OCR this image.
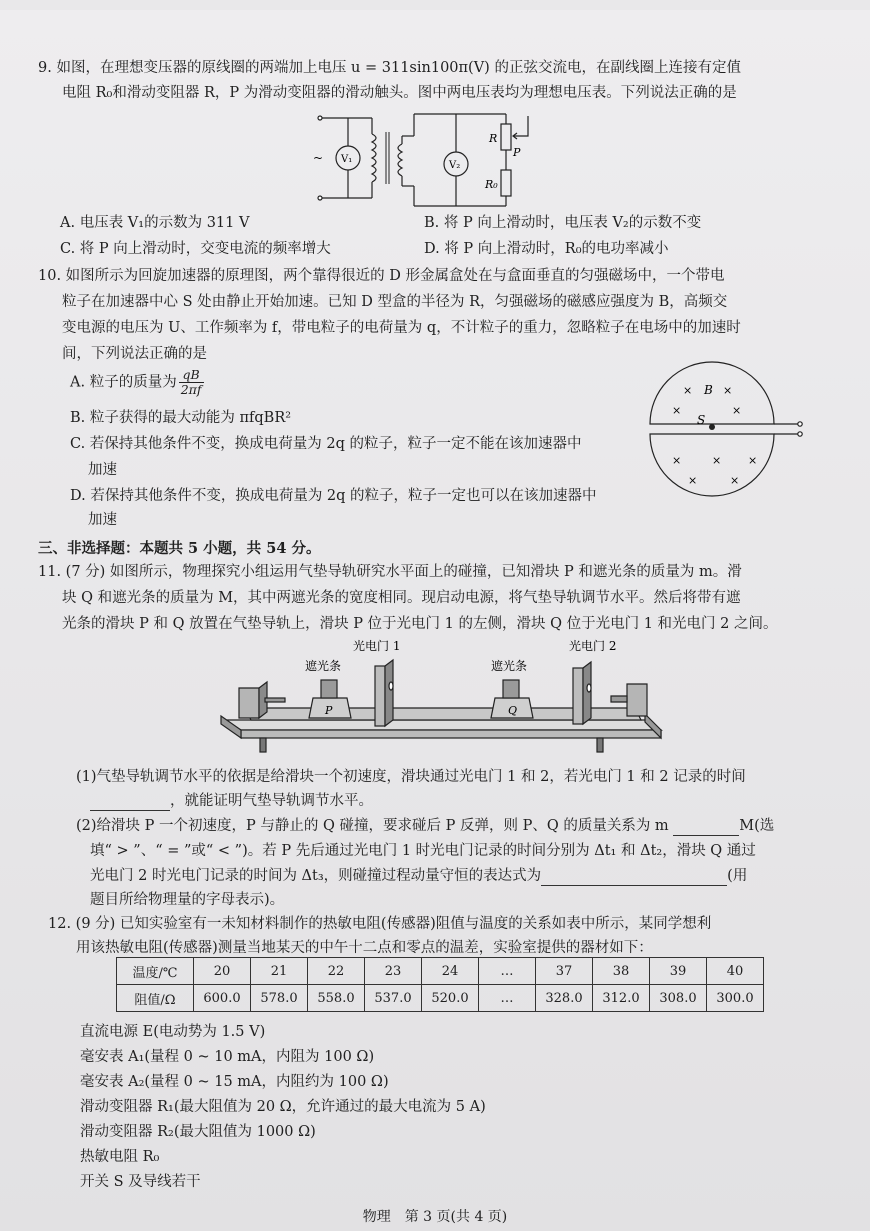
9. 如图，在理想变压器的原线圈的两端加上电压 u = 311sin100π(V) 的正弦交流电，在副线圈上连接有定值
电阻 R₀和滑动变阻器 R，P 为滑动变阻器的滑动触头。图中两电压表均为理想电压表。下列说法正确的是
~ V₁
V₂
R
P
R₀
A. 电压表 V₁的示数为 311 V	B. 将 P 向上滑动时，电压表 V₂的示数不变
C. 将 P 向上滑动时，交变电流的频率增大	D. 将 P 向上滑动时，R₀的电功率减小
10. 如图所示为回旋加速器的原理图，两个靠得很近的 D 形金属盒处在与盒面垂直的匀强磁场中，一个带电
粒子在加速器中心 S 处由静止开始加速。已知 D 型盒的半径为 R，匀强磁场的磁感应强度为 B，高频交
变电源的电压为 U、工作频率为 f，带电粒子的电荷量为 q，不计粒子的重力，忽略粒子在电场中的加速时
间，下列说法正确的是
A. 粒子的质量为 $\frac{qB}{2\pi f}$
B. 粒子获得的最大动能为 πfqBR²
C. 若保持其他条件不变，换成电荷量为 2q 的粒子，粒子一定不能在该加速器中
加速
D. 若保持其他条件不变，换成电荷量为 2q 的粒子，粒子一定也可以在该加速器中
加速
×	×
×	×
×	× ×
×	×
B
S
三、非选择题：本题共 5 小题，共 54 分。
11. (7 分) 如图所示，物理探究小组运用气垫导轨研究水平面上的碰撞，已知滑块 P 和遮光条的质量为 m。滑
块 Q 和遮光条的质量为 M，其中两遮光条的宽度相同。现启动电源，将气垫导轨调节水平。然后将带有遮
光条的滑块 P 和 Q 放置在气垫导轨上，滑块 P 位于光电门 1 的左侧，滑块 Q 位于光电门 1 和光电门 2 之间。
光电门 1	光电门 2
遮光条	遮光条
P	Q
(1)气垫导轨调节水平的依据是给滑块一个初速度，滑块通过光电门 1 和 2，若光电门 1 和 2 记录的时间
，就能证明气垫导轨调节水平。
(2)给滑块 P 一个初速度，P 与静止的 Q 碰撞，要求碰后 P 反弹，则 P、Q 的质量关系为 m	M(选
填“ > ”、“ = ”或“ < ”)。若 P 先后通过光电门 1 时光电门记录的时间分别为 Δt₁ 和 Δt₂，滑块 Q 通过
光电门 2 时光电门记录的时间为 Δt₃，则碰撞过程动量守恒的表达式为	(用
题目所给物理量的字母表示)。
12. (9 分) 已知实验室有一未知材料制作的热敏电阻(传感器)阻值与温度的关系如表中所示，某同学想利
用该热敏电阻(传感器)测量当地某天的中午十二点和零点的温差，实验室提供的器材如下：
温度/℃	20	21	22	23	24	…	37	38	39	40
阻值/Ω	600.0	578.0	558.0	537.0	520.0	…	328.0	312.0	308.0	300.0
直流电源 E(电动势为 1.5 V)
毫安表 A₁(量程 0 ~ 10 mA，内阻为 100 Ω)
毫安表 A₂(量程 0 ~ 15 mA，内阻约为 100 Ω)
滑动变阻器 R₁(最大阻值为 20 Ω，允许通过的最大电流为 5 A)
滑动变阻器 R₂(最大阻值为 1000 Ω)
热敏电阻 R₀
开关 S 及导线若干
物理　第 3 页(共 4 页)
